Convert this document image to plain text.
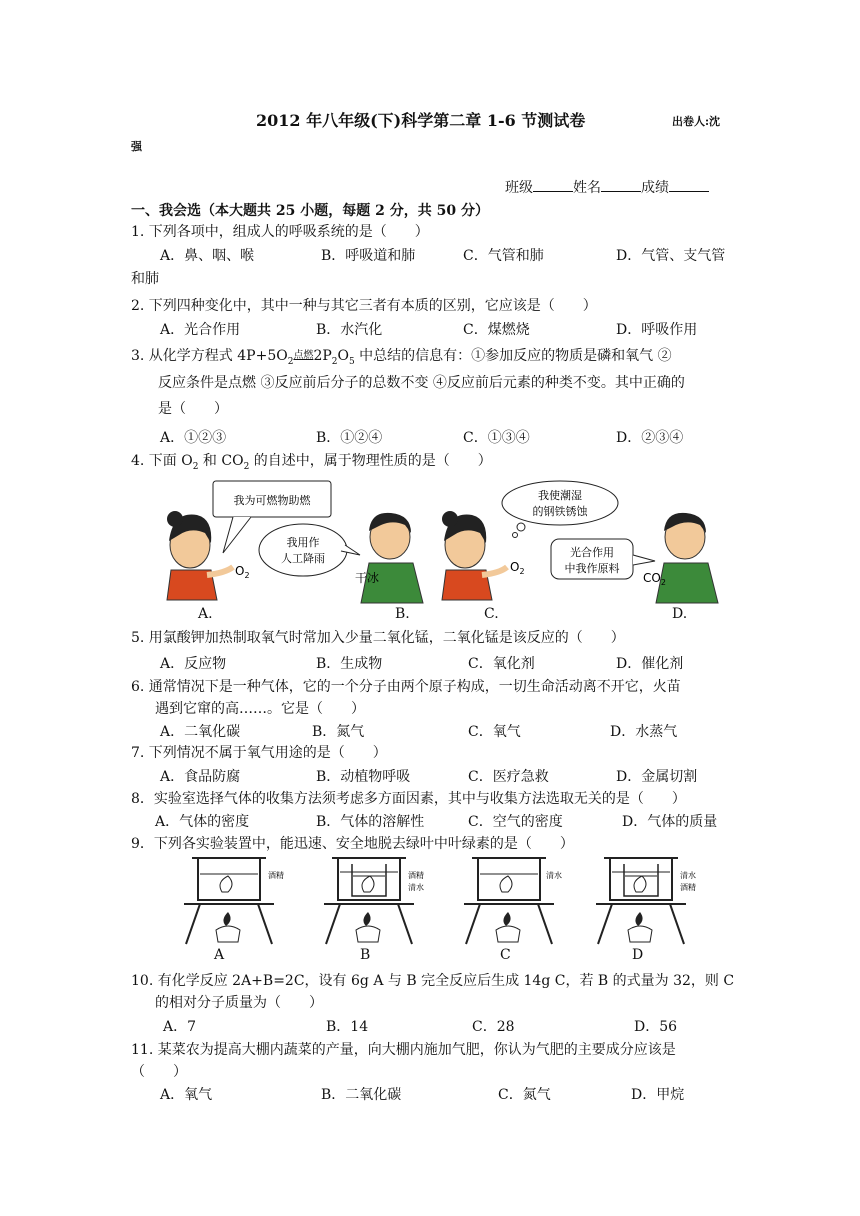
2012 年八年级(下)科学第二章 1-6 节测试卷	出卷人:沈
强
班级	姓名	成绩
一、我会选（本大题共 25 小题，每题 2 分，共 50 分）
1. 下列各项中，组成人的呼吸系统的是（　　）
A．鼻、咽、喉	B．呼吸道和肺	C．气管和肺	D．气管、支气管
和肺
2. 下列四种变化中，其中一种与其它三者有本质的区别，它应该是（　　）
A．光合作用	B．水汽化	C．煤燃烧	D．呼吸作用
3. 从化学方程式 $4P+5O_2$点燃$2P_2O_5$ 中总结的信息有：①参加反应的物质是磷和氧气 ②
反应条件是点燃 ③反应前后分子的总数不变 ④反应前后元素的种类不变。其中正确的
是（　　）
A．①②③	B．①②④	C．①③④	D．②③④
4. 下面 $O_2$ 和 $CO_2$ 的自述中，属于物理性质的是（　　）
我为可燃物助燃
$O_2$
我用作
人工降雨
干冰
我使潮湿
的钢铁锈蚀
$O_2$
光合作用
中我作原料
$CO_2$
A.	B.	C.	D.
5. 用氯酸钾加热制取氧气时常加入少量二氧化锰，二氧化锰是该反应的（　　）
A．反应物	B．生成物	C．氧化剂	D．催化剂
6. 通常情况下是一种气体，它的一个分子由两个原子构成，一切生命活动离不开它，火苗
遇到它窜的高……。它是（　　）
A．二氧化碳	B．氮气	C．氧气	D．水蒸气
7. 下列情况不属于氧气用途的是（　　）
A．食品防腐	B．动植物呼吸	C．医疗急救	D．金属切割
8．实验室选择气体的收集方法须考虑多方面因素，其中与收集方法选取无关的是（　　）
A．气体的密度	B．气体的溶解性	C．空气的密度	D．气体的质量
9．下列各实验装置中，能迅速、安全地脱去绿叶中叶绿素的是（　　）
酒精	酒精
清水
清水	清水
酒精
A	B	C	D
10. 有化学反应 2A+B=2C，设有 6g A 与 B 完全反应后生成 14g C，若 B 的式量为 32，则 C
的相对分子质量为（　　）
A．7	B．14	C．28	D．56
11. 某菜农为提高大棚内蔬菜的产量，向大棚内施加气肥，你认为气肥的主要成分应该是
（　　）
A．氧气	B．二氧化碳	C．氮气	D．甲烷
